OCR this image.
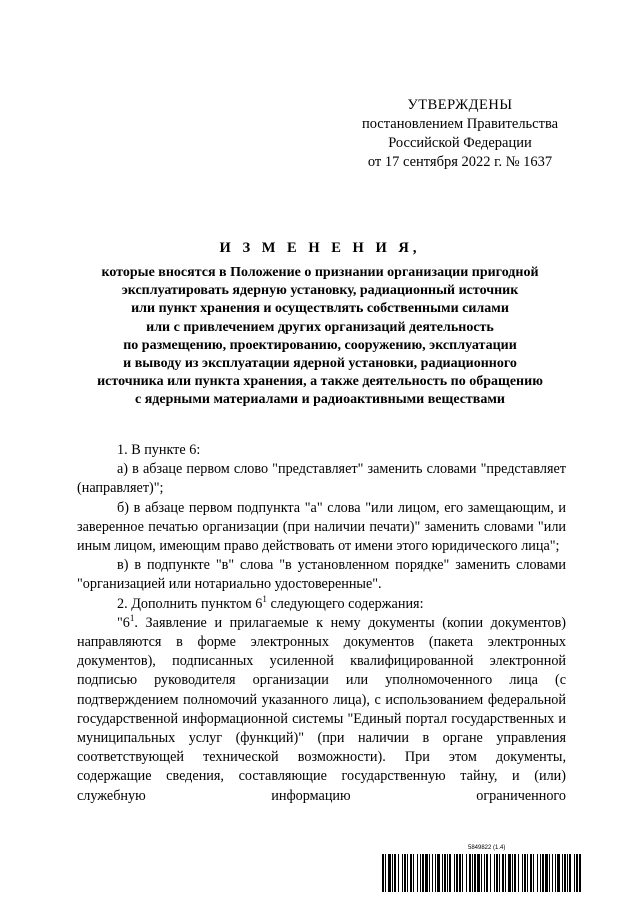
УТВЕРЖДЕНЫ
постановлением Правительства
Российской Федерации
от 17 сентября 2022 г. № 1637
И З М Е Н Е Н И Я,
которые вносятся в Положение о признании организации пригодной
эксплуатировать ядерную установку, радиационный источник
или пункт хранения и осуществлять собственными силами
или с привлечением других организаций деятельность
по размещению, проектированию, сооружению, эксплуатации
и выводу из эксплуатации ядерной установки, радиационного
источника или пункта хранения, а также деятельность по обращению
с ядерными материалами и радиоактивными веществами

1. В пункте 6:

а) в абзаце первом слово "представляет" заменить словами "представляет (направляет)";

б) в абзаце первом подпункта "а" слова "или лицом, его замещающим, и заверенное печатью организации (при наличии печати)" заменить словами "или иным лицом, имеющим право действовать от имени этого юридического лица";

в) в подпункте "в" слова "в установленном порядке" заменить словами "организацией или нотариально удостоверенные".

2. Дополнить пунктом $6^1$ следующего содержания:

"$6^1$. Заявление и прилагаемые к нему документы (копии документов) направляются в форме электронных документов (пакета электронных документов), подписанных усиленной квалифицированной электронной подписью руководителя организации или уполномоченного лица (с подтверждением полномочий указанного лица), с использованием федеральной государственной информационной системы "Единый портал государственных и муниципальных услуг (функций)" (при наличии в органе управления соответствующей технической возможности). При этом документы, содержащие сведения, составляющие государственную тайну, и (или) служебную информацию ограниченного

5849822 (1.4)
